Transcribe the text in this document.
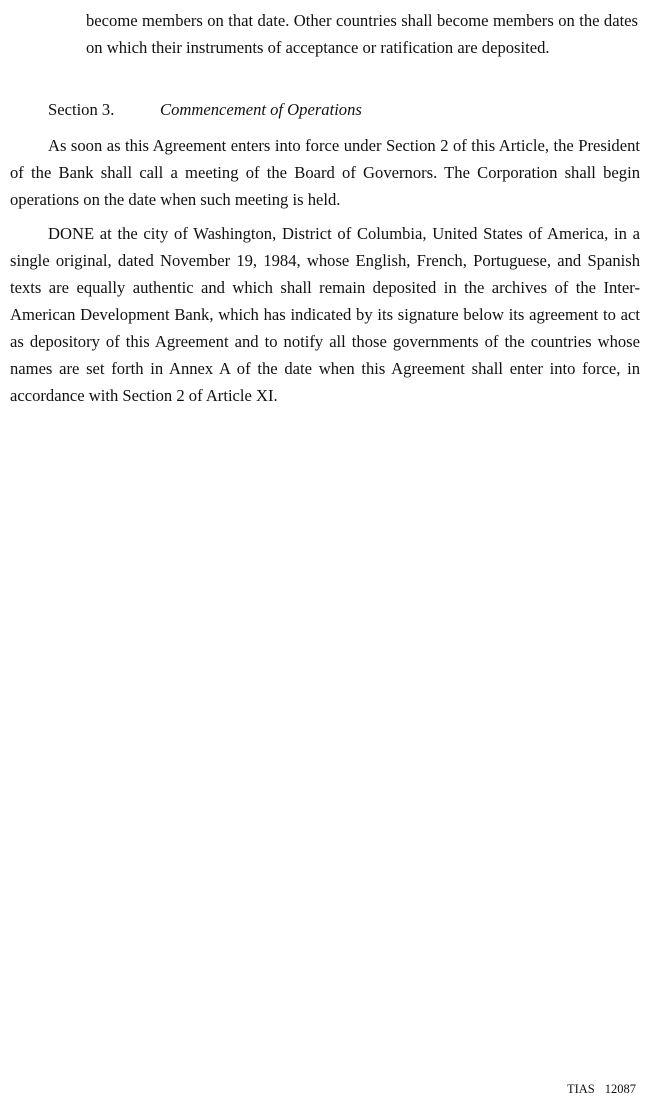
become members on that date. Other countries shall become members on the dates on which their instruments of acceptance or ratification are deposited.

Section 3.	Commencement of Operations

As soon as this Agreement enters into force under Section 2 of this Article, the President of the Bank shall call a meeting of the Board of Governors. The Corporation shall begin operations on the date when such meeting is held.

DONE at the city of Washington, District of Columbia, United States of America, in a single original, dated November 19, 1984, whose English, French, Portuguese, and Spanish texts are equally authentic and which shall remain deposited in the archives of the Inter-American Development Bank, which has indicated by its signature below its agreement to act as depository of this Agreement and to notify all those governments of the countries whose names are set forth in Annex A of the date when this Agreement shall enter into force, in accordance with Section 2 of Article XI.

TIAS 12087
